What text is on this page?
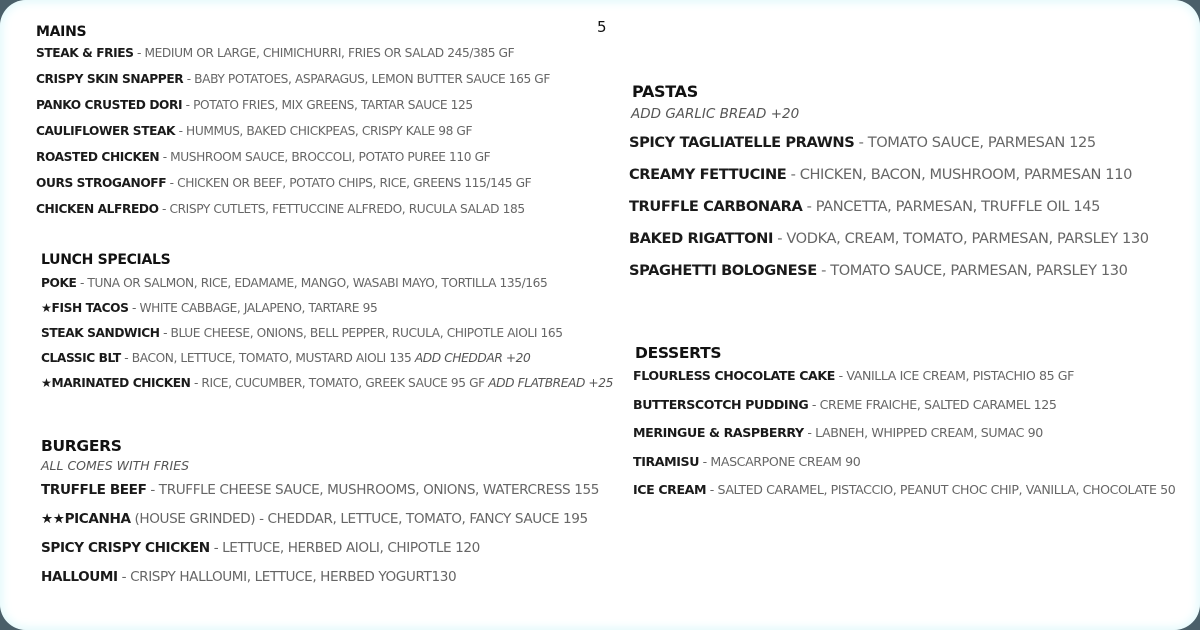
5
MAINS
STEAK & FRIES - MEDIUM OR LARGE, CHIMICHURRI, FRIES OR SALAD 245/385 GF
CRISPY SKIN SNAPPER - BABY POTATOES, ASPARAGUS, LEMON BUTTER SAUCE 165 GF
PANKO CRUSTED DORI - POTATO FRIES, MIX GREENS, TARTAR SAUCE 125
CAULIFLOWER STEAK - HUMMUS, BAKED CHICKPEAS, CRISPY KALE 98 GF
ROASTED CHICKEN - MUSHROOM SAUCE, BROCCOLI, POTATO PUREE 110 GF
OURS STROGANOFF - CHICKEN OR BEEF, POTATO CHIPS, RICE, GREENS 115/145 GF
CHICKEN ALFREDO - CRISPY CUTLETS, FETTUCCINE ALFREDO, RUCULA SALAD 185
LUNCH SPECIALS
POKE - TUNA OR SALMON, RICE, EDAMAME, MANGO, WASABI MAYO, TORTILLA 135/165
★FISH TACOS - WHITE CABBAGE, JALAPENO, TARTARE 95
STEAK SANDWICH - BLUE CHEESE, ONIONS, BELL PEPPER, RUCULA, CHIPOTLE AIOLI 165
CLASSIC BLT - BACON, LETTUCE, TOMATO, MUSTARD AIOLI 135 ADD CHEDDAR +20
★MARINATED CHICKEN - RICE, CUCUMBER, TOMATO, GREEK SAUCE 95 GF ADD FLATBREAD +25
BURGERS
ALL COMES WITH FRIES
TRUFFLE BEEF - TRUFFLE CHEESE SAUCE, MUSHROOMS, ONIONS, WATERCRESS 155
★★PICANHA (HOUSE GRINDED) - CHEDDAR, LETTUCE, TOMATO, FANCY SAUCE 195
SPICY CRISPY CHICKEN - LETTUCE, HERBED AIOLI, CHIPOTLE 120
HALLOUMI - CRISPY HALLOUMI, LETTUCE, HERBED YOGURT130
PASTAS
ADD GARLIC BREAD +20
SPICY TAGLIATELLE PRAWNS - TOMATO SAUCE, PARMESAN 125
CREAMY FETTUCINE - CHICKEN, BACON, MUSHROOM, PARMESAN 110
TRUFFLE CARBONARA - PANCETTA, PARMESAN, TRUFFLE OIL 145
BAKED RIGATTONI - VODKA, CREAM, TOMATO, PARMESAN, PARSLEY 130
SPAGHETTI BOLOGNESE - TOMATO SAUCE, PARMESAN, PARSLEY 130
DESSERTS
FLOURLESS CHOCOLATE CAKE - VANILLA ICE CREAM, PISTACHIO 85 GF
BUTTERSCOTCH PUDDING - CREME FRAICHE, SALTED CARAMEL 125
MERINGUE & RASPBERRY - LABNEH, WHIPPED CREAM, SUMAC 90
TIRAMISU - MASCARPONE CREAM 90
ICE CREAM - SALTED CARAMEL, PISTACCIO, PEANUT CHOC CHIP, VANILLA, CHOCOLATE 50
